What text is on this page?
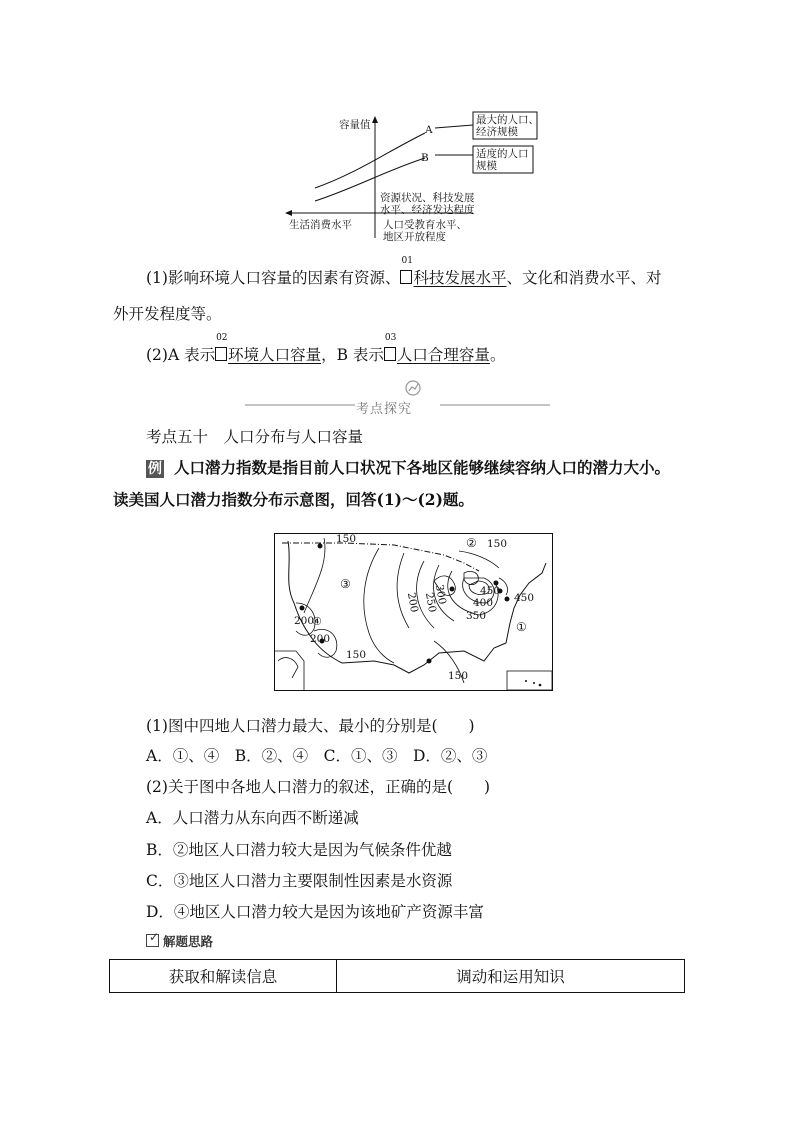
容量值	A
B
最大的人口、
经济规模
适度的人口
规模
资源状况、科技发展
水平、经济发达程度
生活消费水平	人口受教育水平、
地区开放程度
(1)影响环境人口容量的因素有资源、
01
科技发展水平、文化和消费水平、对
外开发程度等。
(2)A 表示
02
环境人口容量，B 表示
03
人口合理容量。
考点探究
考点五十　人口分布与人口容量
例 人口潜力指数是指目前人口状况下各地区能够继续容纳人口的潜力大小。
读美国人口潜力指数分布示意图，回答(1)～(2)题。
150	150
150
150
200
200
200 250
300
350
400
450
450
①
②
③
④
(1)图中四地人口潜力最大、最小的分别是(　　)
A．①、④　B．②、④　C．①、③　D．②、③
(2)关于图中各地人口潜力的叙述，正确的是(　　)
A．人口潜力从东向西不断递减
B．②地区人口潜力较大是因为气候条件优越
C．③地区人口潜力主要限制性因素是水资源
D．④地区人口潜力较大是因为该地矿产资源丰富
✓ 解题思路
获取和解读信息	调动和运用知识
